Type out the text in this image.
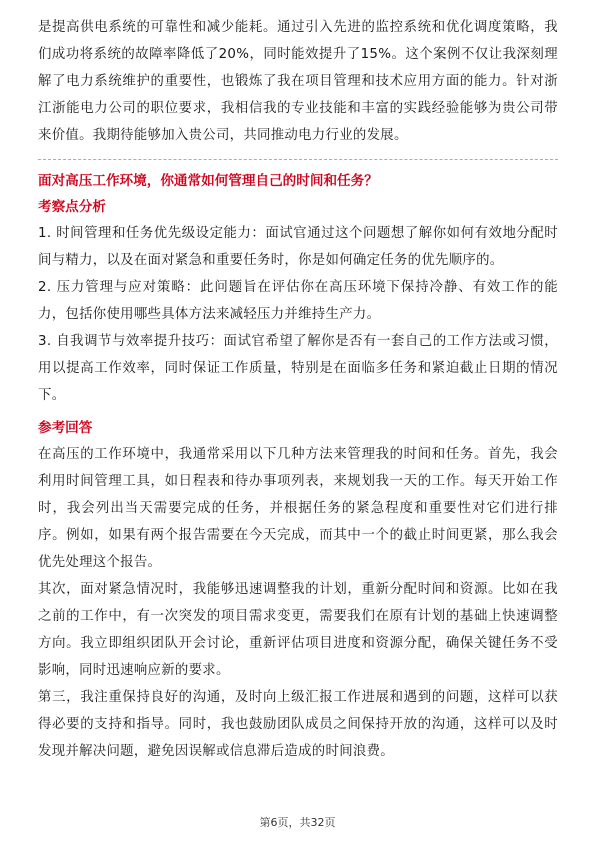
是提高供电系统的可靠性和减少能耗。通过引入先进的监控系统和优化调度策略，我们成功将系统的故障率降低了20%，同时能效提升了15%。这个案例不仅让我深刻理解了电力系统维护的重要性，也锻炼了我在项目管理和技术应用方面的能力。针对浙江浙能电力公司的职位要求，我相信我的专业技能和丰富的实践经验能够为贵公司带来价值。我期待能够加入贵公司，共同推动电力行业的发展。

面对高压工作环境，你通常如何管理自己的时间和任务？

考察点分析

1. 时间管理和任务优先级设定能力：面试官通过这个问题想了解你如何有效地分配时间与精力，以及在面对紧急和重要任务时，你是如何确定任务的优先顺序的。

2. 压力管理与应对策略：此问题旨在评估你在高压环境下保持冷静、有效工作的能力，包括你使用哪些具体方法来减轻压力并维持生产力。

3. 自我调节与效率提升技巧：面试官希望了解你是否有一套自己的工作方法或习惯，用以提高工作效率，同时保证工作质量，特别是在面临多任务和紧迫截止日期的情况下。

参考回答

在高压的工作环境中，我通常采用以下几种方法来管理我的时间和任务。首先，我会利用时间管理工具，如日程表和待办事项列表，来规划我一天的工作。每天开始工作时，我会列出当天需要完成的任务，并根据任务的紧急程度和重要性对它们进行排序。例如，如果有两个报告需要在今天完成，而其中一个的截止时间更紧，那么我会优先处理这个报告。

其次，面对紧急情况时，我能够迅速调整我的计划，重新分配时间和资源。比如在我之前的工作中，有一次突发的项目需求变更，需要我们在原有计划的基础上快速调整方向。我立即组织团队开会讨论，重新评估项目进度和资源分配，确保关键任务不受影响，同时迅速响应新的要求。

第三，我注重保持良好的沟通，及时向上级汇报工作进展和遇到的问题，这样可以获得必要的支持和指导。同时，我也鼓励团队成员之间保持开放的沟通，这样可以及时发现并解决问题，避免因误解或信息滞后造成的时间浪费。

第6页，共32页
